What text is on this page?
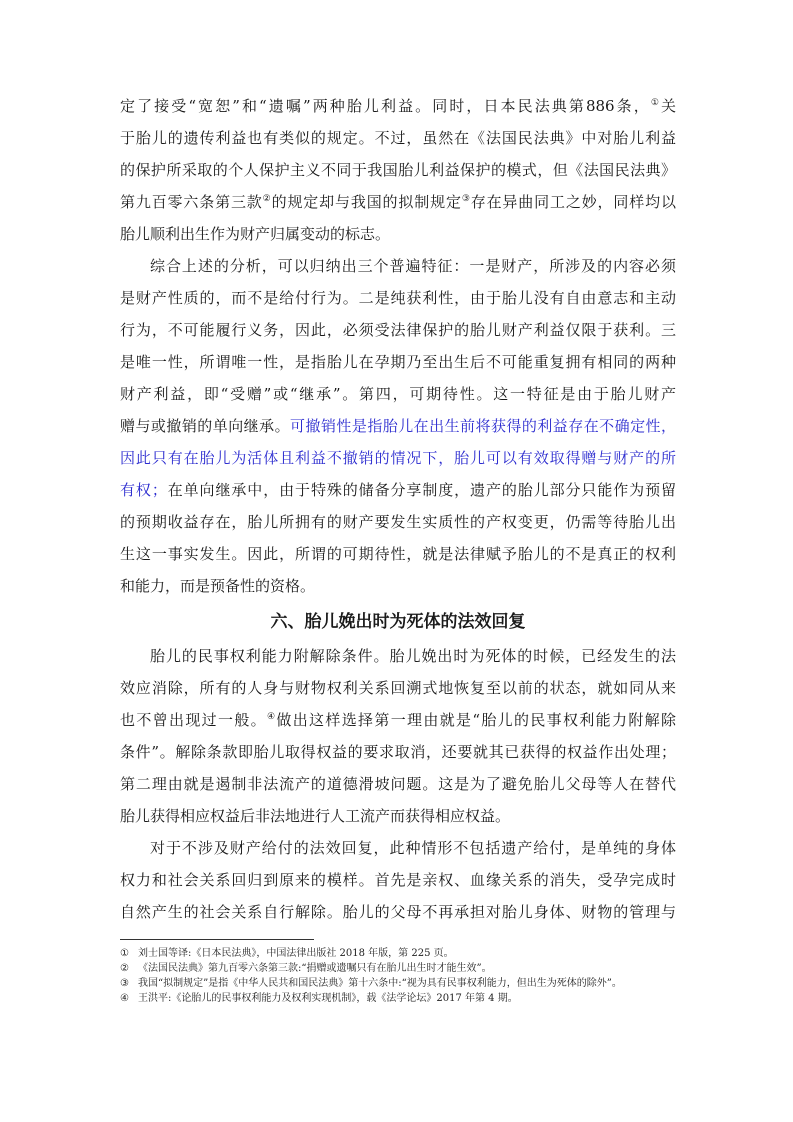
定了接受“宽恕”和“遗嘱”两种胎儿利益。同时，日本民法典第886条，①关
于胎儿的遗传利益也有类似的规定。不过，虽然在《法国民法典》中对胎儿利益
的保护所采取的个人保护主义不同于我国胎儿利益保护的模式，但《法国民法典》
第九百零六条第三款②的规定却与我国的拟制规定③存在异曲同工之妙，同样均以
胎儿顺利出生作为财产归属变动的标志。
综合上述的分析，可以归纳出三个普遍特征：一是财产，所涉及的内容必须
是财产性质的，而不是给付行为。二是纯获利性，由于胎儿没有自由意志和主动
行为，不可能履行义务，因此，必须受法律保护的胎儿财产利益仅限于获利。三
是唯一性，所谓唯一性，是指胎儿在孕期乃至出生后不可能重复拥有相同的两种
财产利益，即“受赠”或“继承”。第四，可期待性。这一特征是由于胎儿财产
赠与或撤销的单向继承。可撤销性是指胎儿在出生前将获得的利益存在不确定性，
因此只有在胎儿为活体且利益不撤销的情况下，胎儿可以有效取得赠与财产的所
有权；在单向继承中，由于特殊的储备分享制度，遗产的胎儿部分只能作为预留
的预期收益存在，胎儿所拥有的财产要发生实质性的产权变更，仍需等待胎儿出
生这一事实发生。因此，所谓的可期待性，就是法律赋予胎儿的不是真正的权利
和能力，而是预备性的资格。
六、胎儿娩出时为死体的法效回复
胎儿的民事权利能力附解除条件。胎儿娩出时为死体的时候，已经发生的法
效应消除，所有的人身与财物权利关系回溯式地恢复至以前的状态，就如同从来
也不曾出现过一般。④做出这样选择第一理由就是“胎儿的民事权利能力附解除
条件”。解除条款即胎儿取得权益的要求取消，还要就其已获得的权益作出处理；
第二理由就是遏制非法流产的道德滑坡问题。这是为了避免胎儿父母等人在替代
胎儿获得相应权益后非法地进行人工流产而获得相应权益。
对于不涉及财产给付的法效回复，此种情形不包括遗产给付，是单纯的身体
权力和社会关系回归到原来的模样。首先是亲权、血缘关系的消失，受孕完成时
自然产生的社会关系自行解除。胎儿的父母不再承担对胎儿身体、财物的管理与
① 刘士国等译:《日本民法典》，中国法律出版社 2018 年版，第 225 页。
② 《法国民法典》第九百零六条第三款:“捐赠或遗嘱只有在胎儿出生时才能生效”。
③ 我国“拟制规定”是指《中华人民共和国民法典》第十六条中:“视为具有民事权利能力，但出生为死体的除外”。
④ 王洪平:《论胎儿的民事权利能力及权利实现机制》，载《法学论坛》2017 年第 4 期。
